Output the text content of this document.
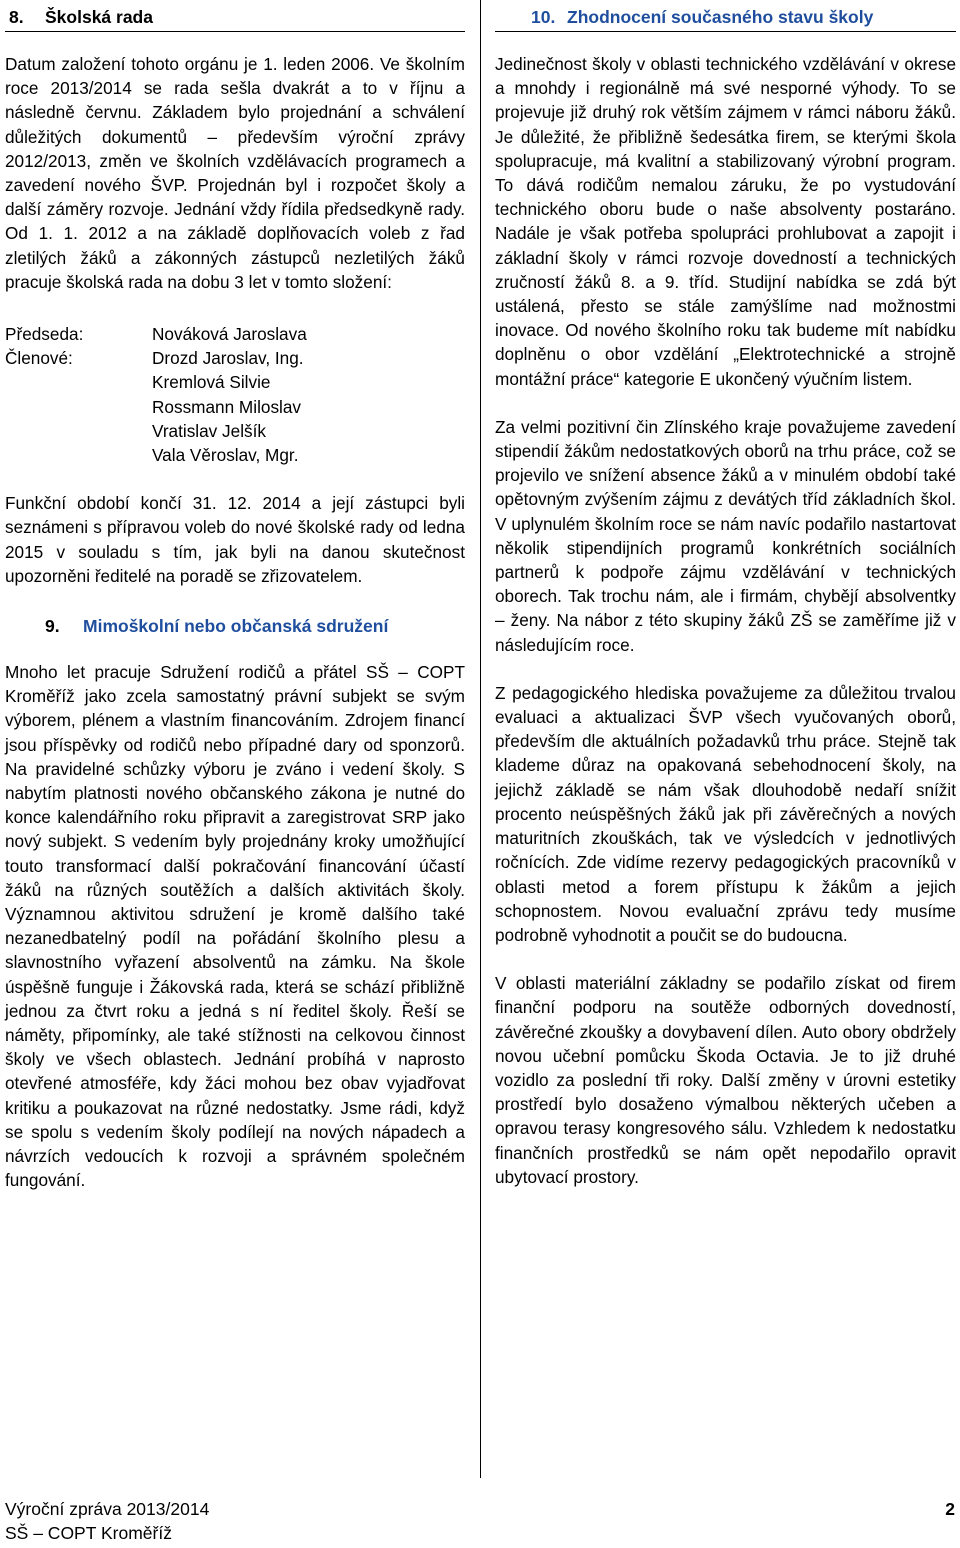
8. Školská rada

Datum založení tohoto orgánu je 1. leden 2006. Ve školním roce 2013/2014 se rada sešla dvakrát a to v říjnu a následně červnu. Základem bylo projednání a schválení důležitých dokumentů – především výroční zprávy 2012/2013, změn ve školních vzdělávacích programech a zavedení nového ŠVP. Projednán byl i rozpočet školy a další záměry rozvoje. Jednání vždy řídila předsedkyně rady. Od 1. 1. 2012 a na základě doplňovacích voleb z řad zletilých žáků a zákonných zástupců nezletilých žáků pracuje školská rada na dobu 3 let v tomto složení:

Předseda:
Členové:
Nováková Jaroslava
Drozd Jaroslav, Ing.
Kremlová Silvie
Rossmann Miloslav
Vratislav Jelšík
Vala Věroslav, Mgr.

Funkční období končí 31. 12. 2014 a její zástupci byli seznámeni s přípravou voleb do nové školské rady od ledna 2015 v souladu s tím, jak byli na danou skutečnost upozorněni ředitelé na poradě se zřizovatelem.

9. Mimoškolní nebo občanská sdružení

Mnoho let pracuje Sdružení rodičů a přátel SŠ – COPT Kroměříž jako zcela samostatný právní subjekt se svým výborem, plénem a vlastním financováním. Zdrojem financí jsou příspěvky od rodičů nebo případné dary od sponzorů. Na pravidelné schůzky výboru je zváno i vedení školy. S nabytím platnosti nového občanského zákona je nutné do konce kalendářního roku připravit a zaregistrovat SRP jako nový subjekt. S vedením byly projednány kroky umožňující touto transformací další pokračování financování účastí žáků na různých soutěžích a dalších aktivitách školy. Významnou aktivitou sdružení je kromě dalšího také nezanedbatelný podíl na pořádání školního plesu a slavnostního vyřazení absolventů na zámku. Na škole úspěšně funguje i Žákovská rada, která se schází přibližně jednou za čtvrt roku a jedná s ní ředitel školy. Řeší se náměty, připomínky, ale také stížnosti na celkovou činnost školy ve všech oblastech. Jednání probíhá v naprosto otevřené atmosféře, kdy žáci mohou bez obav vyjadřovat kritiku a poukazovat na různé nedostatky. Jsme rádi, když se spolu s vedením školy podílejí na nových nápadech a návrzích vedoucích k rozvoji a správném společném fungování.

10. Zhodnocení současného stavu školy

Jedinečnost školy v oblasti technického vzdělávání v okrese a mnohdy i regionálně má své nesporné výhody. To se projevuje již druhý rok větším zájmem v rámci náboru žáků. Je důležité, že přibližně šedesátka firem, se kterými škola spolupracuje, má kvalitní a stabilizovaný výrobní program. To dává rodičům nemalou záruku, že po vystudování technického oboru bude o naše absolventy postaráno. Nadále je však potřeba spolupráci prohlubovat a zapojit i základní školy v rámci rozvoje dovedností a technických zručností žáků 8. a 9. tříd. Studijní nabídka se zdá být ustálená, přesto se stále zamýšlíme nad možnostmi inovace. Od nového školního roku tak budeme mít nabídku doplněnu o obor vzdělání „Elektrotechnické a strojně montážní práce“ kategorie E ukončený výučním listem.

Za velmi pozitivní čin Zlínského kraje považujeme zavedení stipendií žákům nedostatkových oborů na trhu práce, což se projevilo ve snížení absence žáků a v minulém období také opětovným zvýšením zájmu z devátých tříd základních škol. V uplynulém školním roce se nám navíc podařilo nastartovat několik stipendijních programů konkrétních sociálních partnerů k podpoře zájmu vzdělávání v technických oborech. Tak trochu nám, ale i firmám, chybějí absolventky – ženy. Na nábor z této skupiny žáků ZŠ se zaměříme již v následujícím roce.

Z pedagogického hlediska považujeme za důležitou trvalou evaluaci a aktualizaci ŠVP všech vyučovaných oborů, především dle aktuálních požadavků trhu práce. Stejně tak klademe důraz na opakovaná sebehodnocení školy, na jejichž základě se nám však dlouhodobě nedaří snížit procento neúspěšných žáků jak při závěrečných a nových maturitních zkouškách, tak ve výsledcích v jednotlivých ročnících. Zde vidíme rezervy pedagogických pracovníků v oblasti metod a forem přístupu k žákům a jejich schopnostem. Novou evaluační zprávu tedy musíme podrobně vyhodnotit a poučit se do budoucna.

V oblasti materiální základny se podařilo získat od firem finanční podporu na soutěže odborných dovedností, závěrečné zkoušky a dovybavení dílen. Auto obory obdržely novou učební pomůcku Škoda Octavia. Je to již druhé vozidlo za poslední tři roky. Další změny v úrovni estetiky prostředí bylo dosaženo výmalbou některých učeben a opravou terasy kongresového sálu. Vzhledem k nedostatku finančních prostředků se nám opět nepodařilo opravit ubytovací prostory.

Výroční zpráva 2013/2014	2
SŠ – COPT Kroměříž
